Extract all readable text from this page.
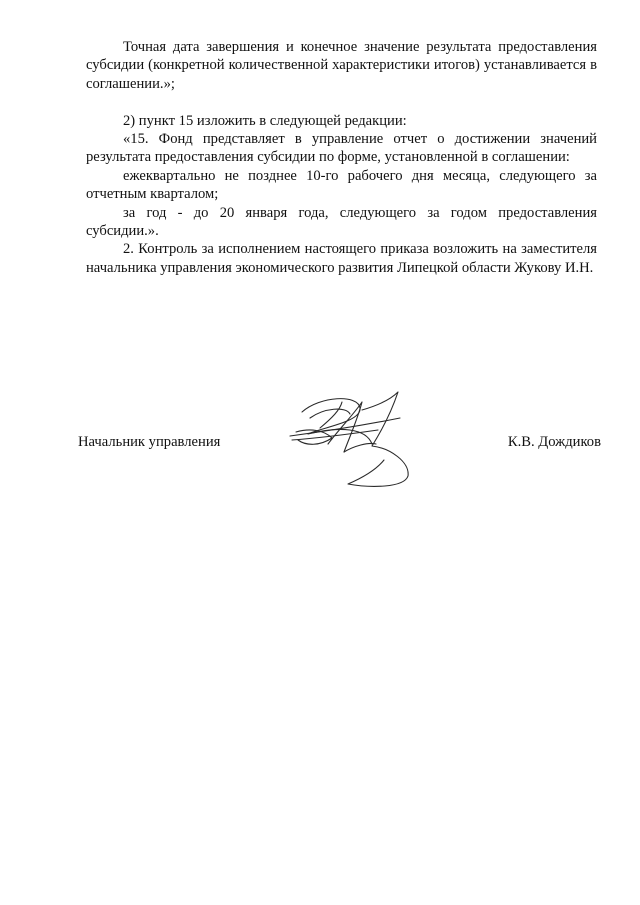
Точная дата завершения и конечное значение результата предоставления субсидии (конкретной количественной характеристики итогов) устанавливается в соглашении.»;

2) пункт 15 изложить в следующей редакции:

«15. Фонд представляет в управление отчет о достижении значений результата предоставления субсидии по форме, установленной в соглашении:

ежеквартально не позднее 10-го рабочего дня месяца, следующего за отчетным кварталом;

за год - до 20 января года, следующего за годом предоставления субсидии.».

2. Контроль за исполнением настоящего приказа возложить на заместителя начальника управления экономического развития Липецкой области Жукову И.Н.

Начальник управления	К.В. Дождиков
